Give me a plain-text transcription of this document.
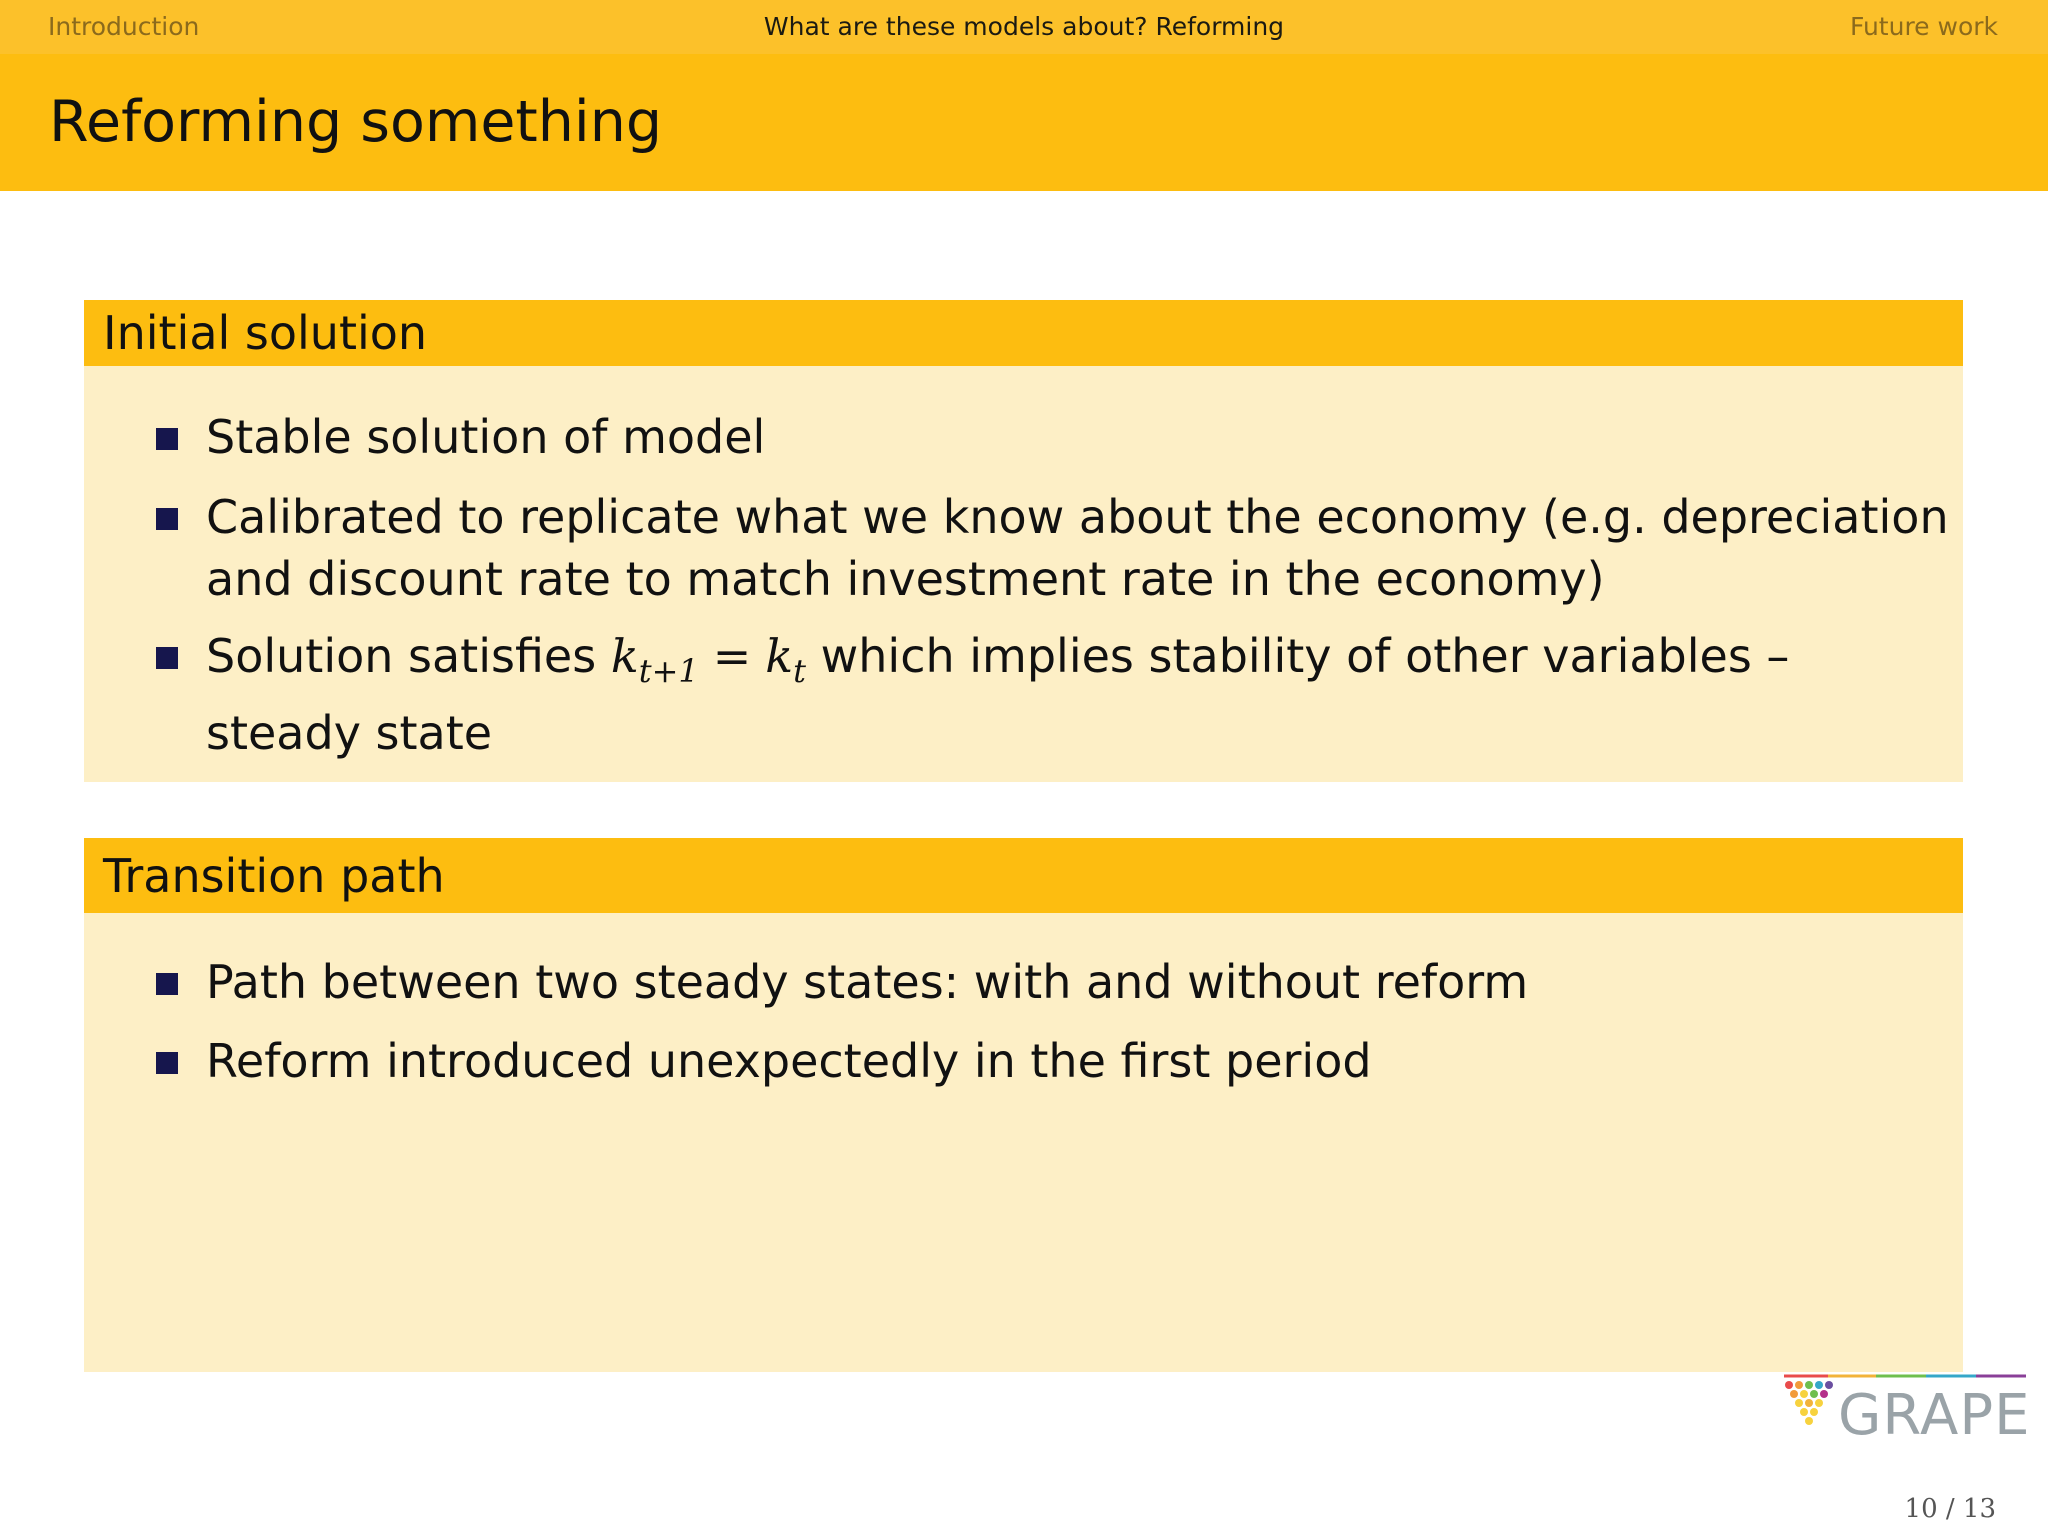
Introduction	What are these models about? Reforming	Future work
Reforming something
Initial solution
Stable solution of model
Calibrated to replicate what we know about the economy (e.g. depreciation and discount rate to match investment rate in the economy)
Solution satisfies $k_{t+1} = k_t$ which implies stability of other variables – steady state
Transition path
Path between two steady states: with and without reform
Reform introduced unexpectedly in the first period
GRAPE
10 / 13
